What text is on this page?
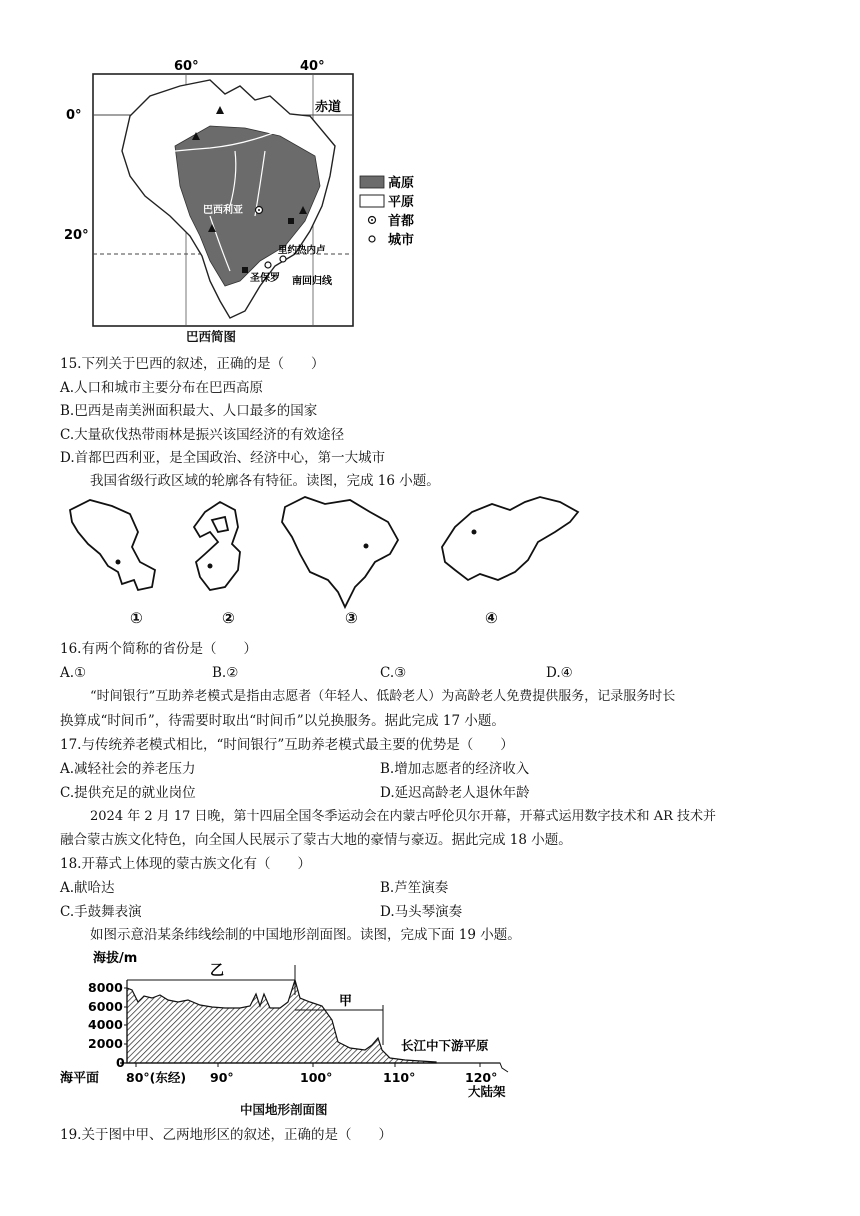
60°	40°
0°
20°
赤道
巴西利亚
里约热内卢
圣保罗 南回归线
高原
平原
首都
城市
巴西简图
15.下列关于巴西的叙述，正确的是（　　）
A.人口和城市主要分布在巴西高原
B.巴西是南美洲面积最大、人口最多的国家
C.大量砍伐热带雨林是振兴该国经济的有效途径
D.首都巴西利亚，是全国政治、经济中心，第一大城市
我国省级行政区域的轮廓各有特征。读图，完成 16 小题。
①	②	③	④
16.有两个简称的省份是（　　）
A.①	B.②	C.③	D.④
“时间银行”互助养老模式是指由志愿者（年轻人、低龄老人）为高龄老人免费提供服务，记录服务时长
换算成“时间币”，待需要时取出“时间币”以兑换服务。据此完成 17 小题。
17.与传统养老模式相比，“时间银行”互助养老模式最主要的优势是（　　）
A.减轻社会的养老压力	B.增加志愿者的经济收入
C.提供充足的就业岗位	D.延迟高龄老人退休年龄
2024 年 2 月 17 日晚，第十四届全国冬季运动会在内蒙古呼伦贝尔开幕，开幕式运用数字技术和 AR 技术并
融合蒙古族文化特色，向全国人民展示了蒙古大地的豪情与豪迈。据此完成 18 小题。
18.开幕式上体现的蒙古族文化有（　　）
A.献哈达	B.芦笙演奏
C.手鼓舞表演	D.马头琴演奏
如图示意沿某条纬线绘制的中国地形剖面图。读图，完成下面 19 小题。
海拔/m
8000
6000
4000
2000
0
海平面 80°(东经) 90°	100°	110°	120°
乙
甲
长江中下游平原
大陆架
中国地形剖面图
19.关于图中甲、乙两地形区的叙述，正确的是（　　）
